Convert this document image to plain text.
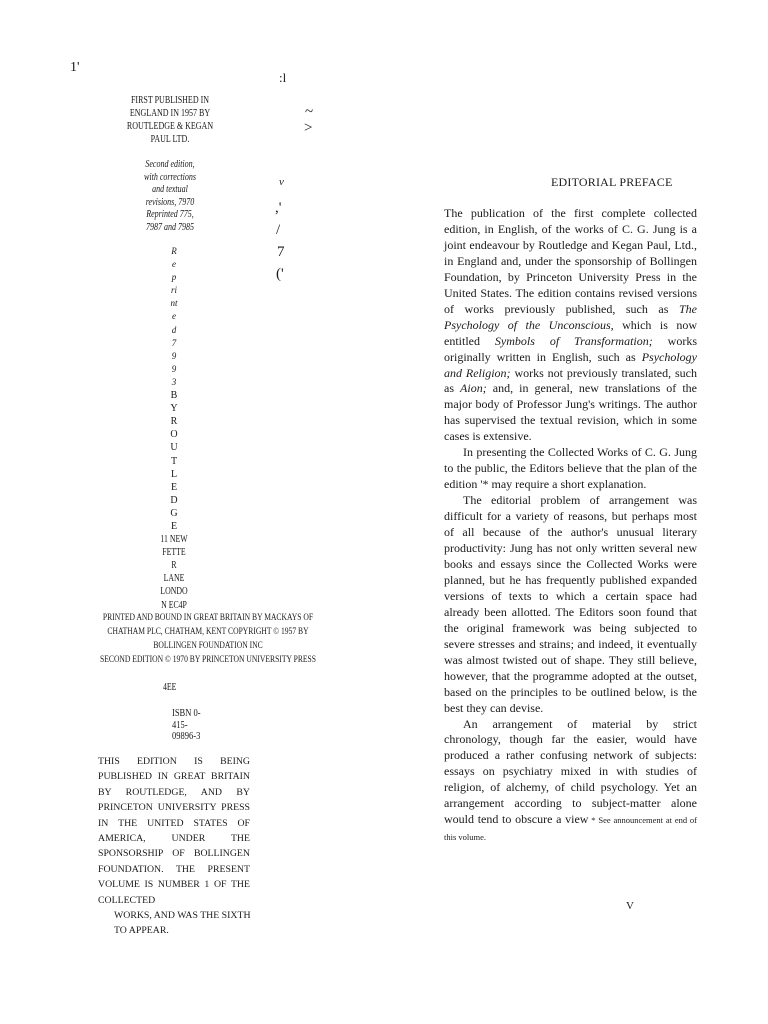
1'
:l
FIRST PUBLISHED IN
ENGLAND IN 1957 BY
ROUTLEDGE & KEGAN
PAUL LTD.
Second edition,
with corrections
and textual
revisions, 7970
Reprinted 775,
7987 and 7985
R
e
p
ri
nt
e
d
7
9
9
3
B
Y
R
O
U
T
L
E
D
G
E
11 NEW
FETTE
R
LANE
LONDO
N EC4P
~
>
v
,'
/
7
('
PRINTED AND BOUND IN GREAT BRITAIN BY MACKAYS OF
CHATHAM PLC, CHATHAM, KENT COPYRIGHT © 1957 BY
BOLLINGEN FOUNDATION INC
SECOND EDITION © 1970 BY PRINCETON UNIVERSITY PRESS
4EE
ISBN 0-
415-
09896-3
THIS EDITION IS BEING
PUBLISHED IN GREAT BRITAIN
BY ROUTLEDGE, AND BY
PRINCETON UNIVERSITY PRESS
IN THE UNITED STATES OF
AMERICA, UNDER THE
SPONSORSHIP OF BOLLINGEN
FOUNDATION. THE PRESENT
VOLUME IS NUMBER 1 OF THE
COLLECTED
WORKS, AND WAS THE SIXTH
TO APPEAR.
EDITORIAL PREFACE

The publication of the first complete collected edition, in English, of the works of C. G. Jung is a joint endeavour by Routledge and Kegan Paul, Ltd., in England and, under the sponsorship of Bollingen Foundation, by Princeton University Press in the United States. The edition contains revised versions of works previously published, such as The Psychology of the Unconscious, which is now entitled Symbols of Transformation; works originally written in English, such as Psychology and Religion; works not previously translated, such as Aion; and, in general, new translations of the major body of Professor Jung's writings. The author has supervised the textual revision, which in some cases is extensive.

In presenting the Collected Works of C. G. Jung to the public, the Editors believe that the plan of the edition '* may require a short explanation.

The editorial problem of arrangement was difficult for a variety of reasons, but perhaps most of all because of the author's unusual literary productivity: Jung has not only written several new books and essays since the Collected Works were planned, but he has frequently published expanded versions of texts to which a certain space had already been allotted. The Editors soon found that the original framework was being subjected to severe stresses and strains; and indeed, it eventually was almost twisted out of shape. They still believe, however, that the programme adopted at the outset, based on the principles to be outlined below, is the best they can devise.

An arrangement of material by strict chronology, though far the easier, would have produced a rather confusing network of subjects: essays on psychiatry mixed in with studies of religion, of alchemy, of child psychology. Yet an arrangement according to subject-matter alone would tend to obscure a view * See announcement at end of this volume.

V
